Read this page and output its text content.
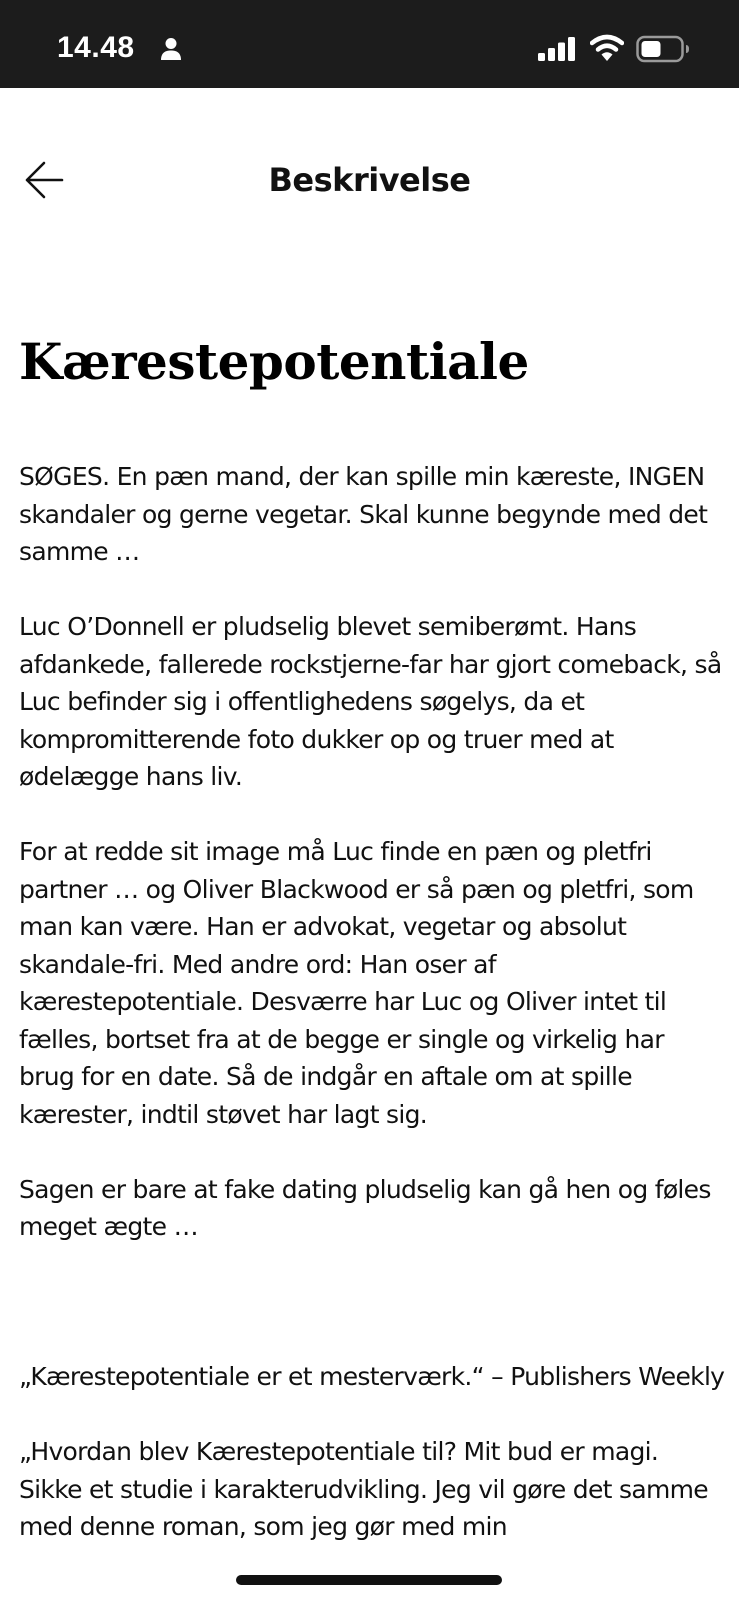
14.48
Beskrivelse
Kærestepotentiale

SØGES. En pæn mand, der kan spille min kæreste, INGEN skandaler og gerne vegetar. Skal kunne begynde med det samme …

Luc O’Donnell er pludselig blevet semiberømt. Hans afdankede, fallerede rockstjerne-far har gjort comeback, så Luc befinder sig i offentlighedens søgelys, da et kompromitterende foto dukker op og truer med at ødelægge hans liv.

For at redde sit image må Luc finde en pæn og pletfri partner … og Oliver Blackwood er så pæn og pletfri, som man kan være. Han er advokat, vegetar og absolut skandale-fri. Med andre ord: Han oser af kærestepotentiale. Desværre har Luc og Oliver intet til fælles, bortset fra at de begge er single og virkelig har brug for en date. Så de indgår en aftale om at spille kærester, indtil støvet har lagt sig.

Sagen er bare at fake dating pludselig kan gå hen og føles meget ægte …

„Kærestepotentiale er et mesterværk.“ – Publishers Weekly

„Hvordan blev Kærestepotentiale til? Mit bud er magi. Sikke et studie i karakterudvikling. Jeg vil gøre det samme med denne roman, som jeg gør med min
